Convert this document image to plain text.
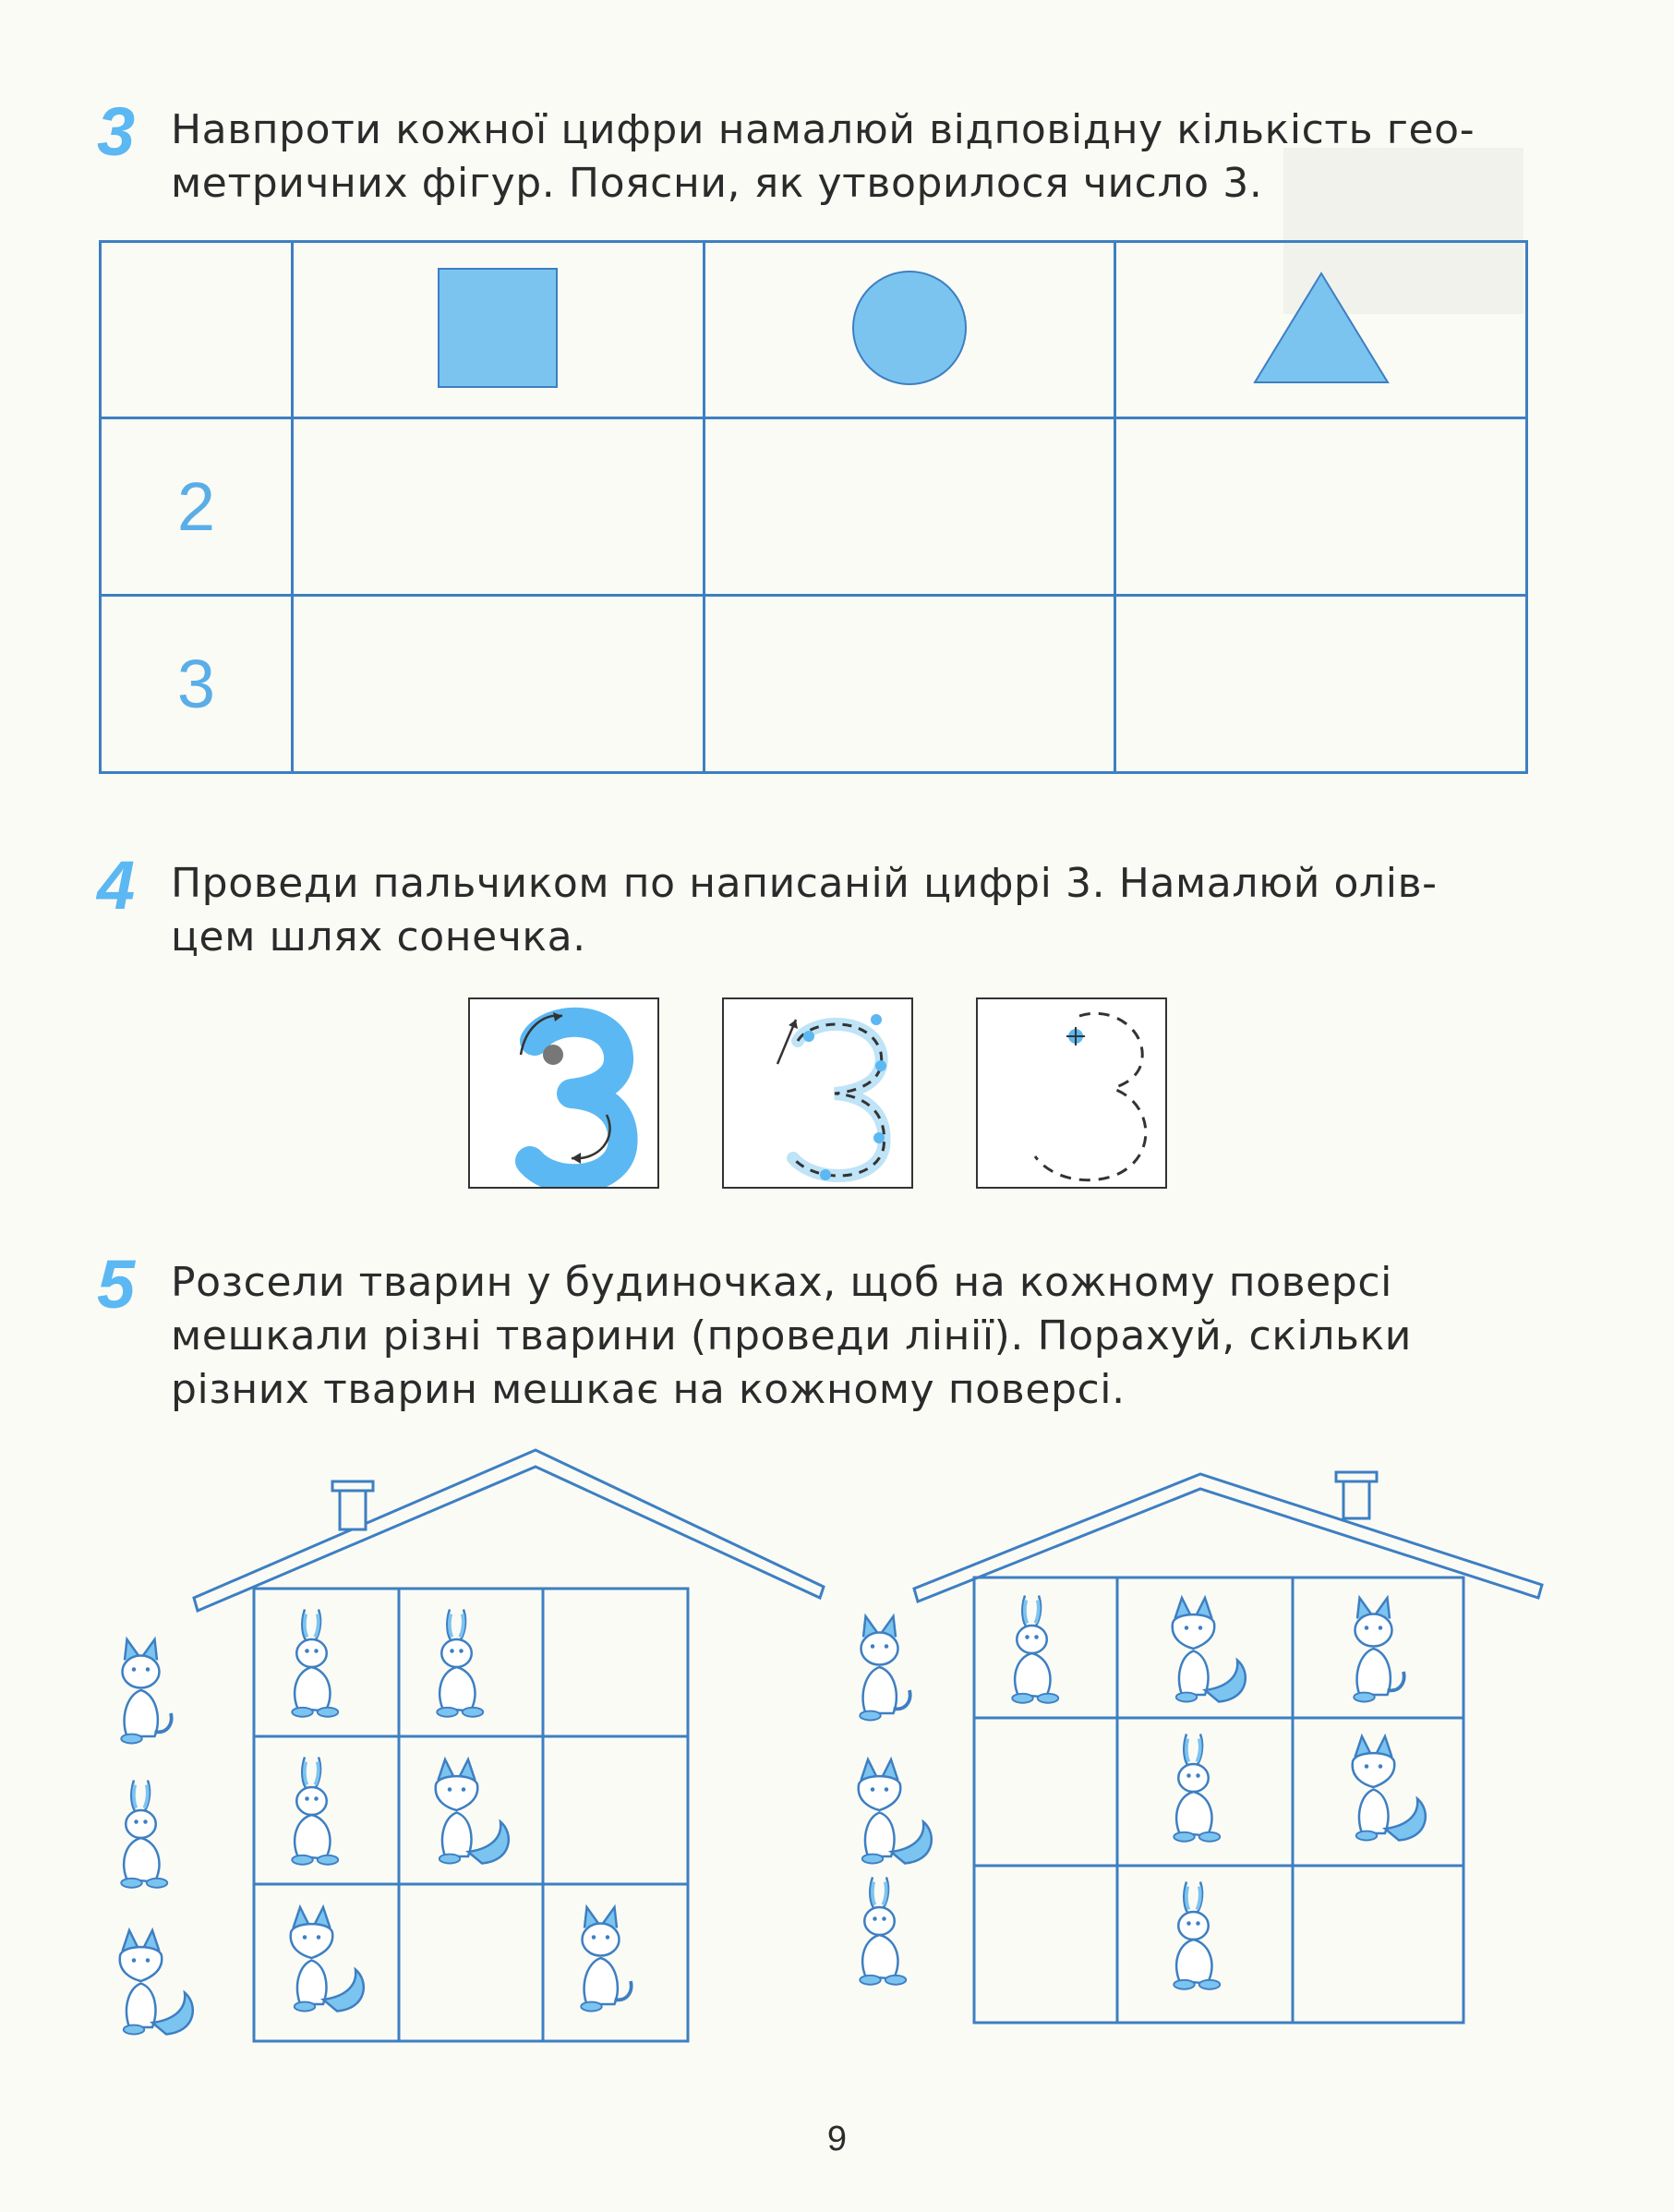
3 Навпроти кожної цифри намалюй відповідну кількість гео-
метричних фігур. Поясни, як утворилося число 3.

2			
3			
4 Проведи пальчиком по написаній цифрі 3. Намалюй олів-
цем шлях сонечка.
5 Розсели тварин у будиночках, щоб на кожному поверсі
мешкали різні тварини (проведи лінії). Порахуй, скільки
різних тварин мешкає на кожному поверсі.
9
